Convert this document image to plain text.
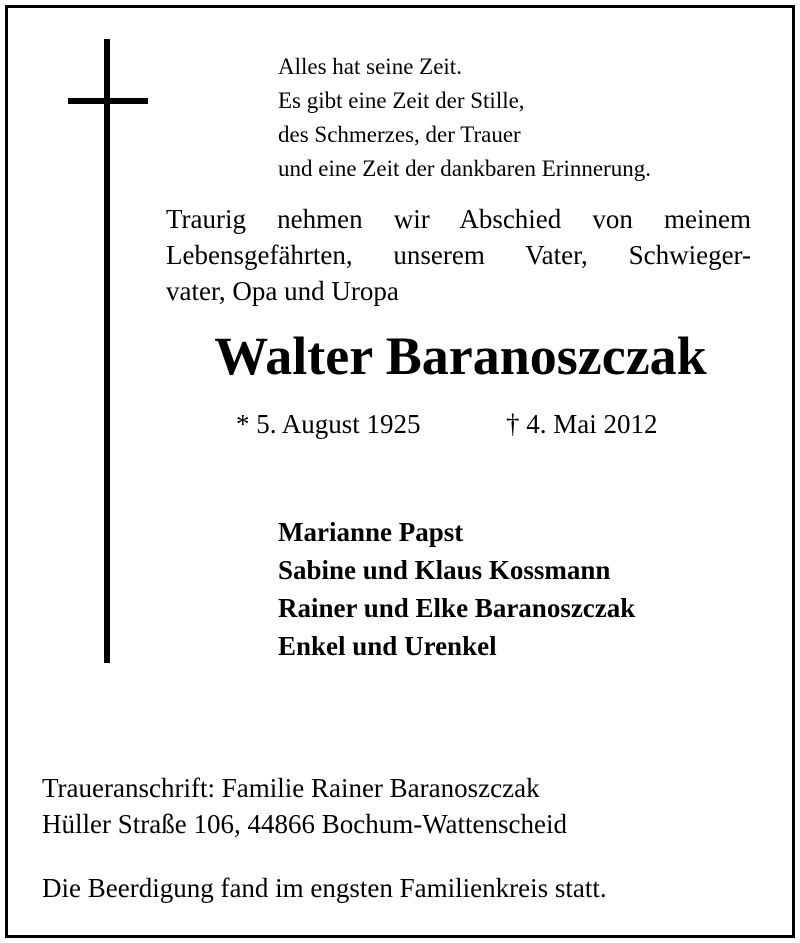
Alles hat seine Zeit.
Es gibt eine Zeit der Stille,
des Schmerzes, der Trauer
und eine Zeit der dankbaren Erinnerung.
Traurig nehmen wir Abschied von meinem
Lebensgefährten, unserem Vater, Schwieger-
vater, Opa und Uropa
Walter Baranoszczak
* 5. August 1925	† 4. Mai 2012
Marianne Papst
Sabine und Klaus Kossmann
Rainer und Elke Baranoszczak
Enkel und Urenkel
Traueranschrift: Familie Rainer Baranoszczak
Hüller Straße 106, 44866 Bochum-Wattenscheid
Die Beerdigung fand im engsten Familienkreis statt.
